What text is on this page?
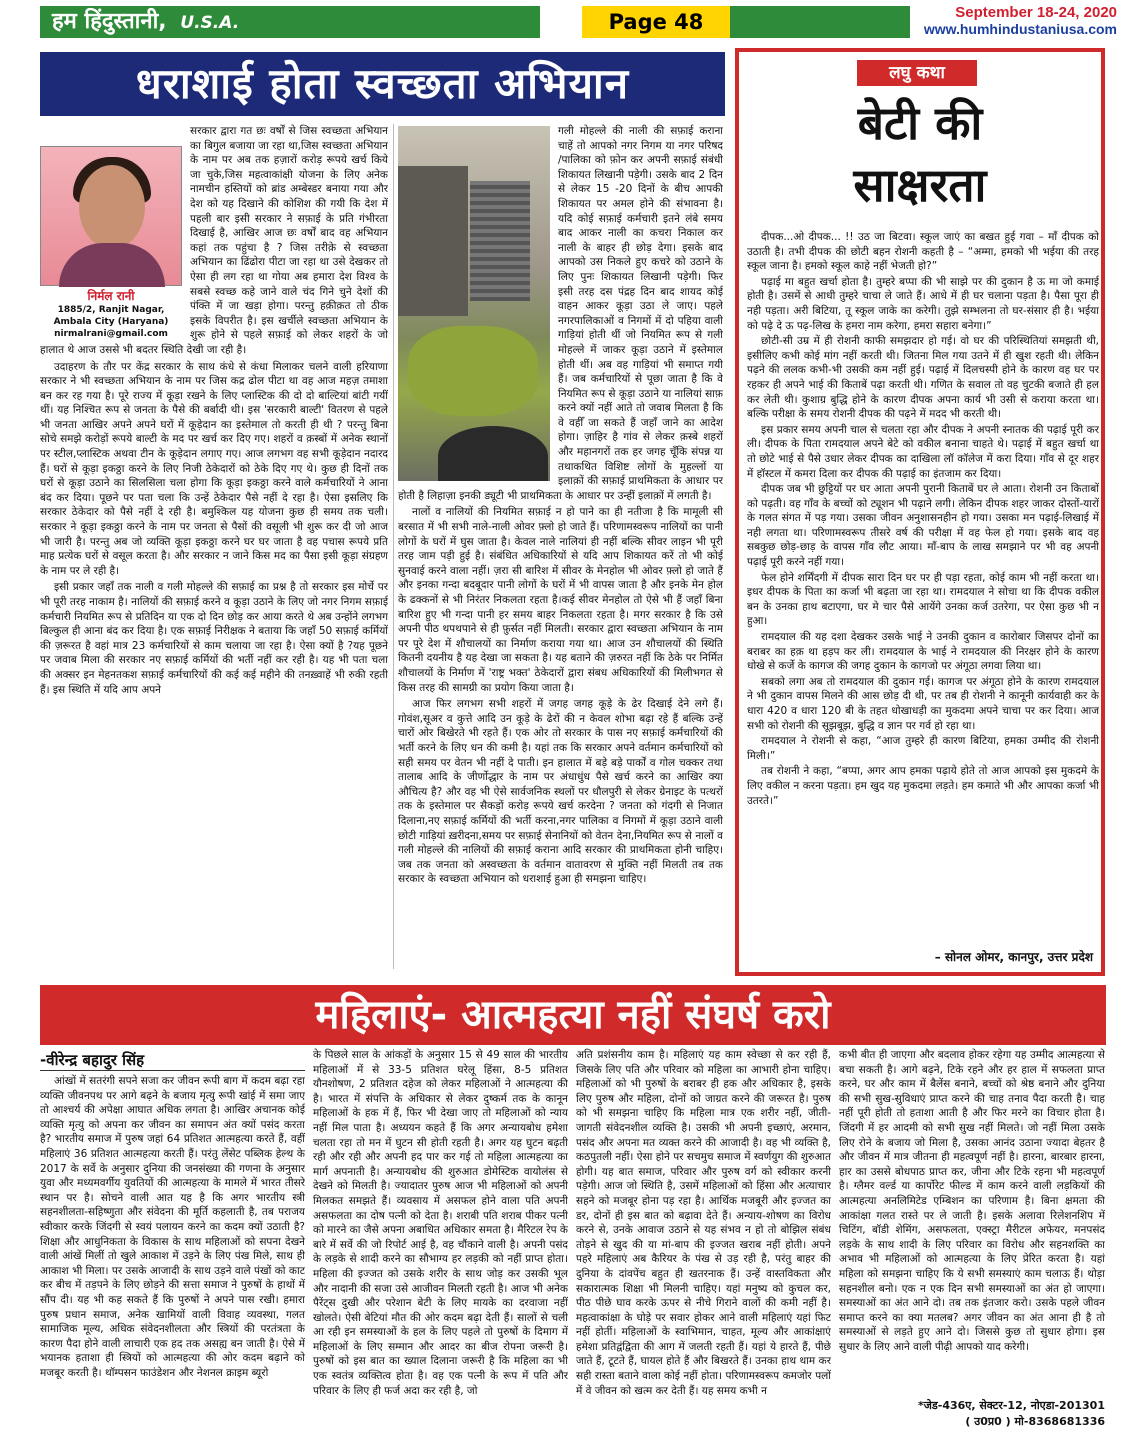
हम हिंदुस्तानी, U.S.A.	Page 48	September 18-24, 2020
www.humhindustaniusa.com
धराशाई होता स्वच्छता अभियान
निर्मल रानी
1885/2, Ranjit Nagar,
Ambala City (Haryana)
nirmalrani@gmail.com

सरकार द्वारा गत छः वर्षों से जिस स्वच्छता अभियान का बिगुल बजाया जा रहा था,जिस स्वच्छता अभियान के नाम पर अब तक हज़ारों करोड़ रूपये खर्च किये जा चुके,जिस महत्वाकांक्षी योजना के लिए अनेक नामचीन हस्तियों को ब्रांड अम्बेस्डर बनाया गया और देश को यह दिखाने की कोशिश की गयी कि देश में पहली बार इसी सरकार ने सफ़ाई के प्रति गंभीरता दिखाई है, आखिर आज छः वर्षों बाद वह अभियान कहां तक पहुंचा है ? जिस तरीक़े से स्वच्छता अभियान का ढिंढोरा पीटा जा रहा था उसे देखकर तो ऐसा ही लग रहा था गोया अब हमारा देश विश्व के सबसे स्वच्छ कहे जाने वाले चंद गिने चुने देशों की पंक्ति में जा खड़ा होगा। परन्तु हक़ीक़त तो ठीक इसके विपरीत है। इस खर्चीले स्वच्छता अभियान के शुरू होने से पहले सफ़ाई को लेकर शहरों के जो हालात थे आज उससे भी बदतर स्थिति देखी जा रही है।

उदाहरण के तौर पर केंद्र सरकार के साथ कंधे से कंधा मिलाकर चलने वाली हरियाणा सरकार ने भी स्वच्छता अभियान के नाम पर जिस कद्र ढोल पीटा था वह आज महज़ तमाशा बन कर रह गया है। पूरे राज्य में कूड़ा रखने के लिए प्लास्टिक की दो दो बाल्टियां बांटी गयीं थीं। यह निश्चित रूप से जनता के पैसे की बर्बादी थी। इस 'सरकारी बाल्टी' वितरण से पहले भी जनता आखिर अपने अपने घरों में कूड़ेदान का इस्तेमाल तो करती ही थी ? परन्तु बिना सोचे समझे करोड़ों रूपये बाल्टी के मद पर खर्च कर दिए गए। शहरों व क़स्बों में अनेक स्थानों पर स्टील,प्लास्टिक अथवा टीन के कूड़ेदान लगाए गए। आज लगभग वह सभी कूड़ेदान नदारद हैं। घरों से कूड़ा इकठ्ठा करने के लिए निजी ठेकेदारों को ठेके दिए गए थे। कुछ ही दिनों तक घरों से कूड़ा उठाने का सिलसिला चला होगा कि कूड़ा इकठ्ठा करने वाले कर्मचारियों ने आना बंद कर दिया। पूछने पर पता चला कि उन्हें ठेकेदार पैसे नहीं दे रहा है। ऐसा इसलिए कि सरकार ठेकेदार को पैसे नहीं दे रही है। बमुश्किल यह योजना कुछ ही समय तक चली। सरकार ने कूड़ा इकठ्ठा करने के नाम पर जनता से पैसों की वसूली भी शुरू कर दी जो आज भी जारी है। परन्तु अब जो व्यक्ति कूड़ा इकठ्ठा करने घर घर जाता है वह पचास रूपये प्रति माह प्रत्येक घरों से वसूल करता है। और सरकार न जाने किस मद का पैसा इसी कूड़ा संग्रहण के नाम पर ले रही है।

इसी प्रकार जहाँ तक नाली व गली मोहल्ले की सफ़ाई का प्रश्न है तो सरकार इस मोर्चे पर भी पूरी तरह नाकाम है। नालियों की सफ़ाई करने व कूड़ा उठाने के लिए जो नगर निगम सफ़ाई कर्मचारी नियमित रूप से प्रतिदिन या एक दो दिन छोड़ कर आया करते थे अब उन्होंने लगभग बिल्कुल ही आना बंद कर दिया है। एक सफ़ाई निरीक्षक ने बताया कि जहाँ 50 सफ़ाई कर्मियों की ज़रूरत है वहां मात्र 23 कर्मचारियों से काम चलाया जा रहा है। ऐसा क्यों है ?यह पूछने पर जवाब मिला की सरकार नए सफ़ाई कर्मियों की भर्ती नहीं कर रही है। यह भी पता चला की अक्सर इन मेहनतकश सफ़ाई कर्मचारियों की कई कई महीने की तनख़्वाहें भी रुकी रहती हैं। इस स्थिति में यदि आप अपने

गली मोहल्ले की नाली की सफ़ाई कराना चाहें तो आपको नगर निगम या नगर परिषद /पालिका को फ़ोन कर अपनी सफ़ाई संबंधी शिकायत लिखानी पड़ेगी। उसके बाद 2 दिन से लेकर 15 -20 दिनों के बीच आपकी शिकायत पर अमल होने की संभावना है। यदि कोई सफ़ाई कर्मचारी इतने लंबे समय बाद आकर नाली का कचरा निकाल कर नाली के बाहर ही छोड़ देगा। इसके बाद आपको उस निकले हुए कचरे को उठाने के लिए पुनः शिकायत लिखानी पड़ेगी। फिर इसी तरह दस पंद्रह दिन बाद शायद कोई वाहन आकर कूड़ा उठा ले जाए। पहले नगरपालिकाओं व निगमों में दो पहिया वाली गाड़ियां होती थीं जो नियमित रूप से गली मोहल्ले में जाकर कूड़ा उठाने में इस्तेमाल होती थीं। अब वह गाड़ियां भी समाप्त गयी हैं। जब कर्मचारियों से पूछा जाता है कि वे नियमित रूप से कूड़ा उठाने या नालियां साफ़ करने क्यों नहीं आते तो जवाब मिलता है कि वे वहीँ जा सकते हैं जहाँ जाने का आदेश होगा। ज़ाहिर है गांव से लेकर क़स्बे शहरों और महानगरों तक हर जगह चूँकि संपन्न या तथाकथित विशिष्ट लोगों के मुहल्लों या इलाक़ों की सफ़ाई प्राथमिकता के आधार पर होती है लिहाज़ा इनकी ड्यूटी भी प्राथमिकता के आधार पर उन्हीं इलाक़ों में लगती है।

नालों व नालियों की नियमित सफ़ाई न हो पाने का ही नतीजा है कि मामूली सी बरसात में भी सभी नाले-नाली ओवर फ़्लो हो जाते हैं। परिणामस्वरूप नालियों का पानी लोगों के घरों में घुस जाता है। केवल नाले नालियां ही नहीं बल्कि सीवर लाइन भी पूरी तरह जाम पड़ी हुई है। संबंधित अधिकारियों से यदि आप शिकायत करें तो भी कोई सुनवाई करने वाला नहीं। ज़रा सी बारिश में सीवर के मेनहोल भी ओवर फ़्लो हो जाते हैं और इनका गन्दा बदबूदार पानी लोगों के घरों में भी वापस जाता है और इनके मेन होल के ढक्कनों से भी निरंतर निकलता रहता है।कई सीवर मेनहोल तो ऐसे भी हैं जहाँ बिना बारिश हुए भी गन्दा पानी हर समय बाहर निकलता रहता है। मगर सरकार है कि उसे अपनी पीठ थपथपाने से ही फ़ुर्सत नहीं मिलती। सरकार द्वारा स्वच्छता अभियान के नाम पर पूरे देश में शौचालयों का निर्माण कराया गया था। आज उन शौचालयों की स्थिति कितनी दयनीय है यह देखा जा सकता है। यह बताने की ज़रुरत नहीं कि ठेके पर निर्मित शौचालयों के निर्माण में 'राष्ट्र भक्त' ठेकेदारों द्वारा संबध अधिकारियों की मिलीभगत से किस तरह की सामग्री का प्रयोग किया जाता है।

आज फिर लगभग सभी शहरों में जगह जगह कूड़े के ढेर दिखाई देने लगे हैं। गोवंश,सूअर व कुत्ते आदि उन कूड़े के ढेरों की न केवल शोभा बढ़ा रहे हैं बल्कि उन्हें चारों ओर बिखेरते भी रहते हैं। एक ओर तो सरकार के पास नए सफ़ाई कर्मचारियों की भर्ती करने के लिए धन की कमी है। यहां तक कि सरकार अपने वर्तमान कर्मचारियों को सही समय पर वेतन भी नहीं दे पाती। इन हालात में बड़े बड़े पार्कों व गोल चक्कर तथा तालाब आदि के जीर्णोद्धार के नाम पर अंधाधुंध पैसे खर्च करने का आखिर क्या औचित्य है? और वह भी ऐसे सार्वजनिक स्थलों पर धौलपुरी से लेकर ग्रेनाइट के पत्थरों तक के इस्तेमाल पर सैकड़ों करोड़ रूपये खर्च करदेना ? जनता को गंदगी से निजात दिलाना,नए सफ़ाई कर्मियों की भर्ती करना,नगर पालिका व निगमों में कूड़ा उठाने वाली छोटी गाड़ियां ख़रीदना,समय पर सफ़ाई सेनानियों को वेतन देना,नियमित रूप से नालों व गली मोहल्ले की नालियों की सफ़ाई कराना आदि सरकार की प्राथमिकता होनी चाहिए। जब तक जनता को अस्वच्छता के वर्तमान वातावरण से मुक्ति नहीं मिलती तब तक सरकार के स्वच्छता अभियान को धराशाई हुआ ही समझना चाहिए।

लघु कथा
बेटी की
साक्षरता

दीपक...ओ दीपक... !! उठ जा बिटवा। स्कूल जाएं का बखत हुई गवा – माँ दीपक को उठाती है। तभी दीपक की छोटी बहन रोशनी कहती है – “अम्मा, हमको भी भईया की तरह स्कूल जाना है। हमको स्कूल काहे नहीं भेजती हो?”

पढ़ाई मा बहुत खर्चा होता है। तुम्हरे बप्पा की भी साझे पर की दुकान है ऊ मा जो कमाई होती है। उसमें से आधी तुम्हरे चाचा ले जाते हैं। आधे में ही घर चलाना पड़ता है। पैसा पूरा ही नही पड़ता। अरी बिटिया, तू स्कूल जाके का करेगी। तुझे सम्भलना तो घर-संसार ही है। भईया को पढ़े दे ऊ पढ़-लिख के हमरा नाम करेगा, हमरा सहारा बनेगा।”

छोटी-सी उम्र में ही रोशनी काफी समझदार हो गई। वो घर की परिस्थितियां समझती थी, इसीलिए कभी कोई मांग नहीं करती थी। जितना मिल गया उतने में ही खुश रहती थी। लेकिन पढ़ने की ललक कभी-भी उसकी कम नहीं हुई। पढ़ाई में दिलचस्पी होने के कारण वह घर पर रहकर ही अपने भाई की किताबें पढ़ा करती थी। गणित के सवाल तो वह चुटकी बजाते ही हल कर लेती थी। कुशाग्र बुद्धि होने के कारण दीपक अपना कार्य भी उसी से कराया करता था। बल्कि परीक्षा के समय रोशनी दीपक की पढ़ने में मदद भी करती थी।

इस प्रकार समय अपनी चाल से चलता रहा और दीपक ने अपनी स्नातक की पढ़ाई पूरी कर ली। दीपक के पिता रामदयाल अपने बेटे को वकील बनाना चाहते थे। पढ़ाई में बहुत खर्चा था तो छोटे भाई से पैसे उधार लेकर दीपक का दाखिला लॉ कॉलेज में करा दिया। गाँव से दूर शहर में हॉस्टल में कमरा दिला कर दीपक की पढ़ाई का इंतजाम कर दिया।

दीपक जब भी छुट्टियों पर घर आता अपनी पुरानी किताबें घर ले आता। रोशनी उन किताबों को पढ़ती। वह गाँव के बच्चों को ट्यूशन भी पढ़ाने लगी। लेकिन दीपक शहर जाकर दोस्तों-यारों के गलत संगत में पड़ गया। उसका जीवन अनुशासनहीन हो गया। उसका मन पढ़ाई-लिखाई में नही लगता था। परिणामस्वरूप तीसरे वर्ष की परीक्षा में वह फेल हो गया। इसके बाद वह सबकुछ छोड़-छाड़ के वापस गाँव लौट आया। माँ-बाप के लाख समझाने पर भी वह अपनी पढ़ाई पूरी करने नहीं गया।

फेल होने शर्मिंदगी में दीपक सारा दिन घर पर ही पड़ा रहता, कोई काम भी नहीं करता था। इधर दीपक के पिता का कर्जा भी बढ़ता जा रहा था। रामदयाल ने सोचा था कि दीपक वकील बन के उनका हाथ बटाएगा, घर मे चार पैसे आयेंगे उनका कर्ज उतरेगा, पर ऐसा कुछ भी न हुआ।

रामदयाल की यह दशा देखकर उसके भाई ने उनकी दुकान व कारोबार जिसपर दोनों का बराबर का हक़ था हड़प कर ली। रामदयाल के भाई ने रामदयाल की निरक्षर होने के कारण धोखे से कर्जे के कागज की जगह दुकान के कागजो पर अंगूठा लगवा लिया था।

सबको लगा अब तो रामदयाल की दुकान गई। कागज पर अंगूठा होने के कारण रामदयाल ने भी दुकान वापस मिलने की आस छोड़ दी थी, पर तब ही रोशनी ने कानूनी कार्यवाही कर के धारा 420 व धारा 120 बी के तहत धोखाधड़ी का मुकदमा अपने चाचा पर कर दिया। आज सभी को रोशनी की सूझबूझ, बुद्धि व ज्ञान पर गर्व हो रहा था।

रामदयाल ने रोशनी से कहा, “आज तुम्हरे ही कारण बिटिया, हमका उम्मीद की रोशनी मिली।”

तब रोशनी ने कहा, “बप्पा, अगर आप हमका पढ़ाये होते तो आज आपको इस मुकदमे के लिए वकील न करना पड़ता। हम खुद यह मुकदमा लड़ते। हम कमाते भी और आपका कर्जा भी उतरते।”

– सोनल ओमर, कानपुर, उत्तर प्रदेश
महिलाएं- आत्महत्या नहीं संघर्ष करो
-वीरेन्द्र बहादुर सिंह

आंखों में सतरंगी सपने सजा कर जीवन रूपी बाग में कदम बढ़ा रहा व्यक्ति जीवनपथ पर आगे बढ़ने के बजाय मृत्यु रूपी खांई में समा जाए तो आश्चर्य की अपेक्षा आघात अधिक लगता है। आखिर अचानक कोई व्यक्ति मृत्यु को अपना कर जीवन का समापन अंत क्यों पसंद करता है? भारतीय समाज में पुरुष जहां 64 प्रतिशत आत्महत्या करते हैं, वहीं महिलाएं 36 प्रतिशत आत्महत्या करती हैं। परंतु लेंसेट पब्लिक हेल्थ के 2017 के सर्वे के अनुसार दुनिया की जनसंख्या की गणना के अनुसार युवा और मध्यमवर्गीय युवतियों की आत्महत्या के मामले में भारत तीसरे स्थान पर है। सोचने वाली आत यह है कि अगर भारतीय स्त्री सहनशीलता-सहिष्णुता और संवेदना की मूर्ति कहलाती है, तब पराजय स्वीकार करके जिंदगी से स्वयं पलायन करने का कदम क्यों उठाती है? शिक्षा और आधुनिकता के विकास के साथ महिलाओं को सपना देखने वाली आंखें मिलीं तो खुले आकाश में उड़ने के लिए पंख मिले, साथ ही आकाश भी मिला। पर उसके आजादी के साथ उड़ने वाले पंखों को काट कर बीच में तड़पने के लिए छोड़ने की सत्ता समाज ने पुरुषों के हाथों में सौंप दी। यह भी कह सकते हैं कि पुरुषों ने अपने पास रखी। हमारा पुरुष प्रधान समाज, अनेक खामियों वाली विवाह व्यवस्था, गलत सामाजिक मूल्य, अधिक संवेदनशीलता और स्त्रियों की परतंत्रता के कारण पैदा होने वाली लाचारी एक हद तक असह्य बन जाती है। ऐसे में भयानक हताशा ही स्त्रियों को आत्महत्या की ओर कदम बढ़ाने को मजबूर करती है। थॉम्पसन फाउंडेशन और नेशनल क्राइम ब्यूरो

के पिछले साल के आंकड़ों के अनुसार 15 से 49 साल की भारतीय महिलाओं में से 33-5 प्रतिशत घरेलू हिंसा, 8-5 प्रतिशत यौनशोषण, 2 प्रतिशत दहेज को लेकर महिलाओं ने आत्महत्या की है। भारत में संपत्ति के अधिकार से लेकर दुष्कर्म तक के कानून महिलाओं के हक में हैं, फिर भी देखा जाए तो महिलाओं को न्याय नहीं मिल पाता है। अध्ययन कहते हैं कि अगर अन्यायबोध हमेशा चलता रहा तो मन में घुटन सी होती रहती है। अगर यह घुटन बढ़ती रही और रही और अपनी हद पार कर गई तो महिला आत्महत्या का मार्ग अपनाती है। अन्यायबोध की शुरुआत डोमेस्टिक वायोलंस से देखने को मिलती है। ज्यादातर पुरुष आज भी महिलाओं को अपनी मिलकत समझते हैं। व्यवसाय में असफल होने वाला पति अपनी असफलता का दोष पत्नी को देता है। शराबी पति शराब पीकर पत्नी को मारने का जैसे अपना अबाधित अधिकार समता है। मैरिटल रेप के बारे में सर्वे की जो रिपोर्ट आई है, वह चौंकाने वाली है। अपनी पसंद के लड़के से शादी करने का सौभाग्य हर लड़की को नहीं प्राप्त होता। महिला की इज्जत को उसके शरीर के साथ जोड़ कर उसकी भूल और नादानी की सजा उसे आजीवन मिलती रहती है। आज भी अनेक पैरेंट्स दुखी और परेशान बेटी के लिए मायके का दरवाजा नहीं खोलते। ऐसी बेटियां मौत की ओर कदम बढ़ा देती हैं। सालों से चली आ रही इन समस्याओं के हल के लिए पहले तो पुरुषों के दिमाग में महिलाओं के लिए सम्मान और आदर का बीज रोपना जरूरी है। पुरुषों को इस बात का ख्याल दिलाना जरूरी है कि महिला का भी एक स्वतंत्र व्यक्तित्व होता है। वह एक पत्नी के रूप में पति और परिवार के लिए ही फर्ज अदा कर रही है, जो

अति प्रशंसनीय काम है। महिलाएं यह काम स्वेच्छा से कर रही हैं, जिसके लिए पति और परिवार को महिला का आभारी होना चाहिए। महिलाओं को भी पुरुषों के बराबर ही हक और अधिकार है, इसके लिए पुरुष और महिला, दोनों को जाग्रत करने की जरूरत है। पुरुष को भी समझना चाहिए कि महिला मात्र एक शरीर नहीं, जीती-जागती संवेदनशील व्यक्ति है। उसकी भी अपनी इच्छाएं, अरमान, पसंद और अपना मत व्यक्त करने की आजादी है। वह भी व्यक्ति है, कठपुतली नहीं। ऐसा होने पर सचमुच समाज में स्वर्णयुग की शुरुआत होगी। यह बात समाज, परिवार और पुरुष वर्ग को स्वीकार करनी पड़ेगी। आज जो स्थिति है, उसमें महिलाओं को हिंसा और अत्याचार सहने को मजबूर होना पड़ रहा है। आर्थिक मजबूरी और इज्जत का डर, दोनों ही इस बात को बढ़ावा देते हैं। अन्याय-शोषण का विरोध करने से, उनके आवाज उठाने से यह संभव न हो तो बोझिल संबंध तोड़ने से खुद की या मां-बाप की इज्जत खराब नहीं होती। अपने पहरे महिलाएं अब कैरियर के पंख से उड़ रही है, परंतु बाहर की दुनिया के दांवपेंच बहुत ही खतरनाक हैं। उन्हें वास्तविकता और सकारात्मक शिक्षा भी मिलनी चाहिए। यहां मनुष्य को कुचल कर, पीठ पीछे घाव करके ऊपर से नीचे गिराने वालों की कमी नहीं है। महत्वाकांक्षा के घोड़े पर सवार होकर आने वाली महिलाएं यहां फिट नहीं होतीं। महिलाओं के स्वाभिमान, चाहत, मूल्य और आकांक्षाएं हमेशा प्रतिद्वंद्विता की आग में जलती रहती हैं। यहां ये हारते हैं, पीछे जाते हैं, टूटते हैं, घायल होते हैं और बिखरते हैं। उनका हाथ थाम कर सही रास्ता बताने वाला कोई नहीं होता। परिणामस्वरूप कमजोर पलों में वे जीवन को खत्म कर देती हैं। यह समय कभी न

कभी बीत ही जाएगा और बदलाव होकर रहेगा यह उम्मीद आत्महत्या से बचा सकती है। आगे बढ़ने, टिके रहने और हर हाल में सफलता प्राप्त करने, घर और काम में बैलेंस बनाने, बच्चों को श्रेष्ठ बनाने और दुनिया की सभी सुख-सुविधाएं प्राप्त करने की चाह तनाव पैदा करती है। चाह नहीं पूरी होती तो हताशा आती है और फिर मरने का विचार होता है। जिंदगी में हर आदमी को सभी सुख नहीं मिलते। जो नहीं मिला उसके लिए रोने के बजाय जो मिला है, उसका आनंद उठाना ज्यादा बेहतर है और जीवन में मात्र जीतना ही महत्वपूर्ण नहीं है। हारना, बारबार हारना, हार का उससे बोधपाठ प्राप्त कर, जीना और टिके रहना भी महत्वपूर्ण है। ग्लैमर वर्ल्ड या कार्पोरेट फील्ड में काम करने वाली लड़कियों की आत्महत्या अनलिमिटेड एम्बिशन का परिणाम है। बिना क्षमता की आकांक्षा गलत रास्ते पर ले जाती है। इसके अलावा रिलेशनशिप में चिटिंग, बॉडी शेमिंग, असफलता, एक्स्ट्रा मैरीटल अफेयर, मनपसंद लड़के के साथ शादी के लिए परिवार का विरोध और सहनशक्ति का अभाव भी महिलाओं को आत्महत्या के लिए प्रेरित करता है। यहां महिला को समझना चाहिए कि ये सभी समस्याएं काम चलाऊ हैं। थोड़ा सहनशील बनो। एक न एक दिन सभी समस्याओं का अंत हो जाएगा। समस्याओं का अंत आने दो। तब तक इंतजार करो। उसके पहले जीवन समाप्त करने का क्या मतलब? अगर जीवन का अंत आना ही है तो समस्याओं से लड़ते हुए आने दो। जिससे कुछ तो सुधार होगा। इस सुधार के लिए आने वाली पीढ़ी आपको याद करेगी।

*जेड-436ए, सेक्टर-12, नोएडा-201301
( उ0प्र0 ) मो-8368681336
